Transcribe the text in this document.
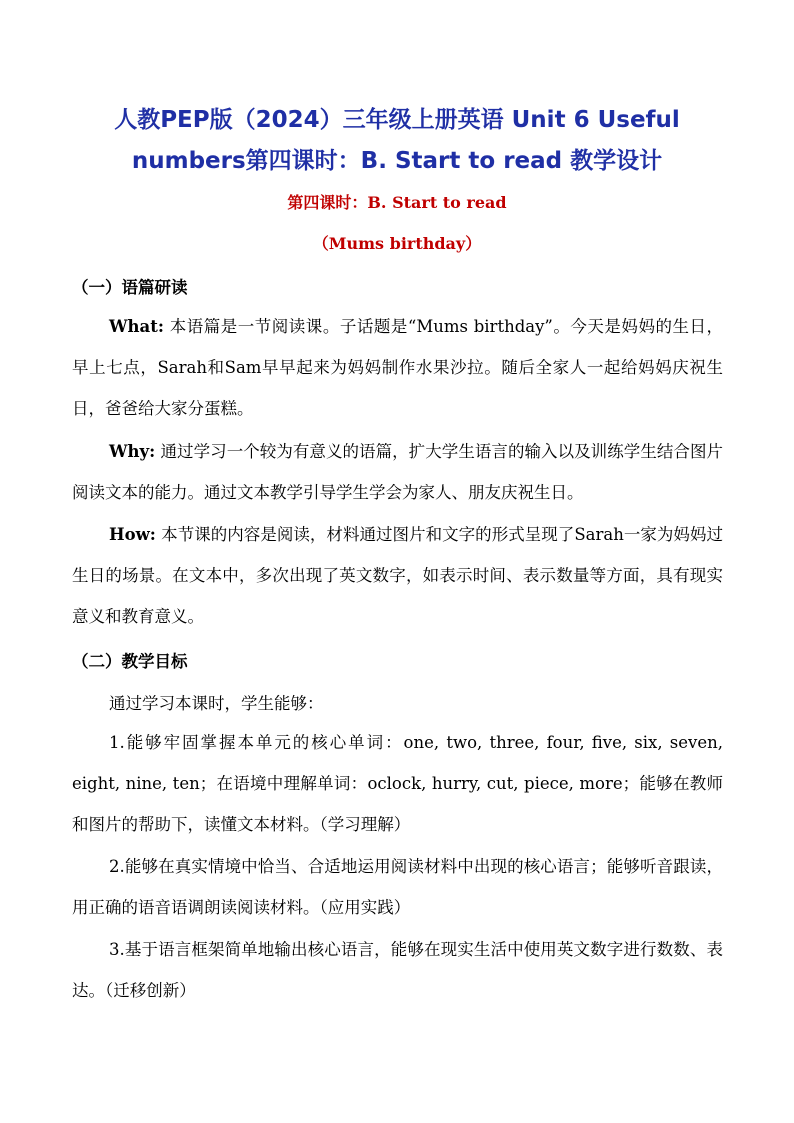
人教PEP版（2024）三年级上册英语 Unit 6 Useful
numbers第四课时：B. Start to read 教学设计

第四课时：B. Start to read

（Mums birthday）

（一）语篇研读

What: 本语篇是一节阅读课。子话题是“Mums birthday”。今天是妈妈的生日，早上七点，Sarah和Sam早早起来为妈妈制作水果沙拉。随后全家人一起给妈妈庆祝生日，爸爸给大家分蛋糕。

Why: 通过学习一个较为有意义的语篇，扩大学生语言的输入以及训练学生结合图片阅读文本的能力。通过文本教学引导学生学会为家人、朋友庆祝生日。

How: 本节课的内容是阅读，材料通过图片和文字的形式呈现了Sarah一家为妈妈过生日的场景。在文本中，多次出现了英文数字，如表示时间、表示数量等方面，具有现实意义和教育意义。

（二）教学目标

通过学习本课时，学生能够：

1.能够牢固掌握本单元的核心单词：one, two, three, four, five, six, seven, eight, nine, ten；在语境中理解单词：oclock, hurry, cut, piece, more；能够在教师和图片的帮助下，读懂文本材料。（学习理解）

2.能够在真实情境中恰当、合适地运用阅读材料中出现的核心语言；能够听音跟读，用正确的语音语调朗读阅读材料。（应用实践）

3.基于语言框架简单地输出核心语言，能够在现实生活中使用英文数字进行数数、表达。（迁移创新）
